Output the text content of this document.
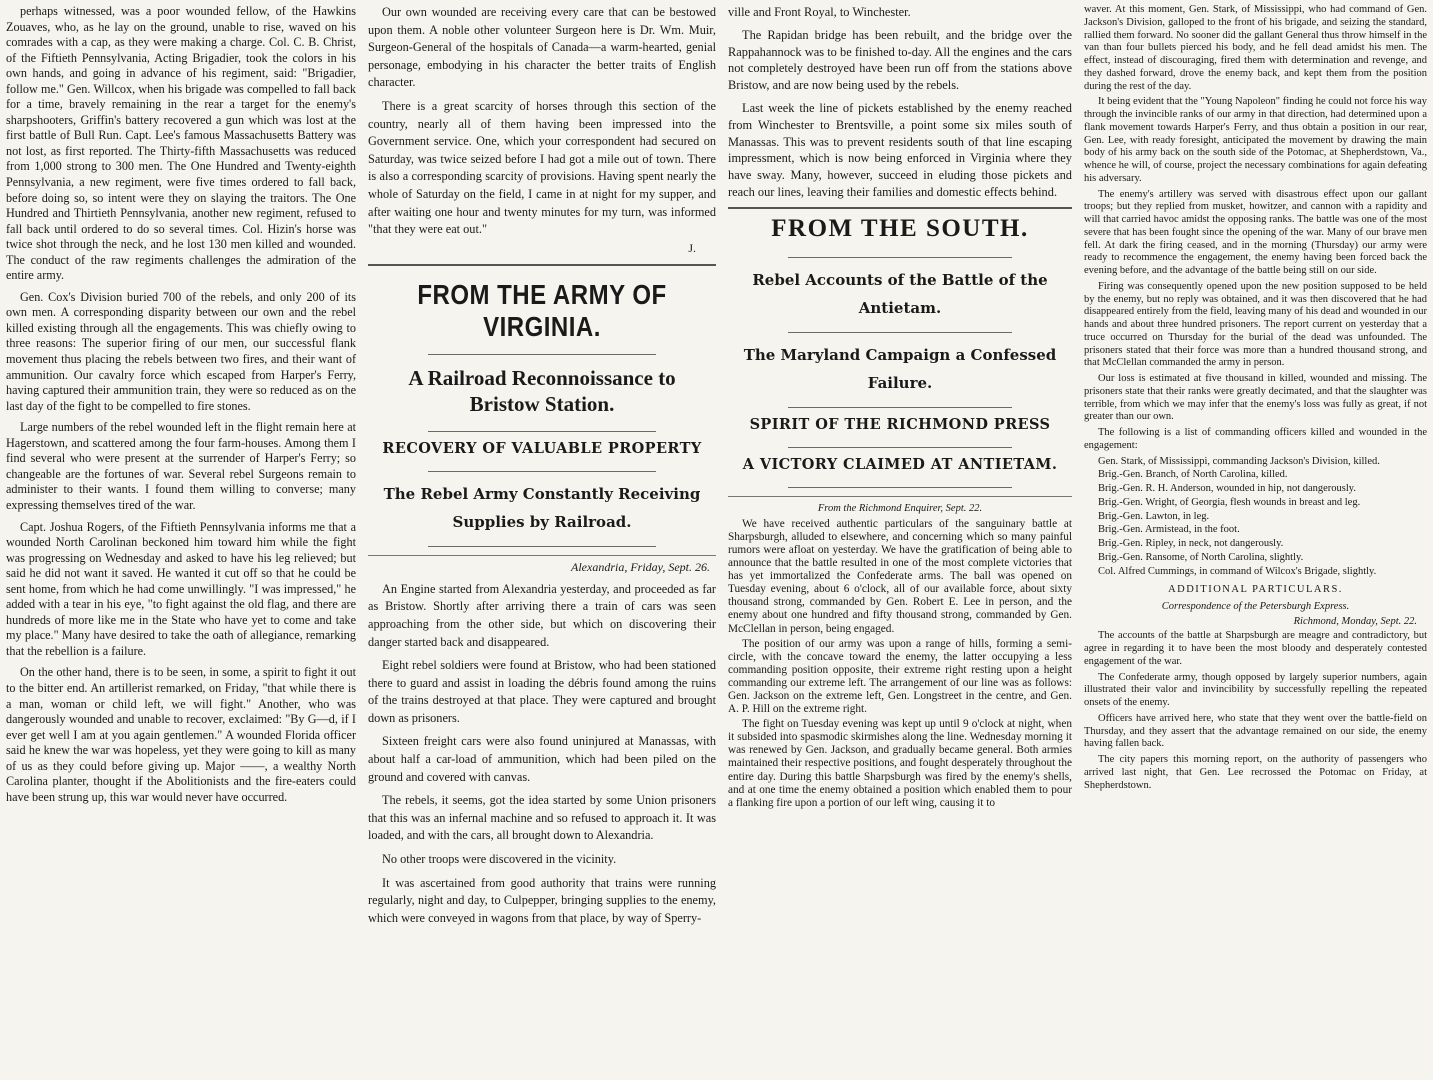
perhaps witnessed, was a poor wounded fellow, of the Hawkins Zouaves, who, as he lay on the ground, unable to rise, waved on his comrades with a cap, as they were making a charge. Col. C. B. Christ, of the Fiftieth Pennsylvania, Acting Brigadier, took the colors in his own hands, and going in advance of his regiment, said: "Brigadier, follow me." Gen. Willcox, when his brigade was compelled to fall back for a time, bravely remaining in the rear a target for the enemy's sharpshooters, Griffin's battery recovered a gun which was lost at the first battle of Bull Run. Capt. Lee's famous Massachusetts Battery was not lost, as first reported. The Thirty-fifth Massachusetts was reduced from 1,000 strong to 300 men. The One Hundred and Twenty-eighth Pennsylvania, a new regiment, were five times ordered to fall back, before doing so, so intent were they on slaying the traitors. The One Hundred and Thirtieth Pennsylvania, another new regiment, refused to fall back until ordered to do so several times. Col. Hizin's horse was twice shot through the neck, and he lost 130 men killed and wounded. The conduct of the raw regiments challenges the admiration of the entire army.

Gen. Cox's Division buried 700 of the rebels, and only 200 of its own men. A corresponding disparity between our own and the rebel killed existing through all the engagements. This was chiefly owing to three reasons: The superior firing of our men, our successful flank movement thus placing the rebels between two fires, and their want of ammunition. Our cavalry force which escaped from Harper's Ferry, having captured their ammunition train, they were so reduced as on the last day of the fight to be compelled to fire stones.

Large numbers of the rebel wounded left in the flight remain here at Hagerstown, and scattered among the four farm-houses. Among them I find several who were present at the surrender of Harper's Ferry; so changeable are the fortunes of war. Several rebel Surgeons remain to administer to their wants. I found them willing to converse; many expressing themselves tired of the war.

Capt. Joshua Rogers, of the Fiftieth Pennsylvania informs me that a wounded North Carolinan beckoned him toward him while the fight was progressing on Wednesday and asked to have his leg relieved; but said he did not want it saved. He wanted it cut off so that he could be sent home, from which he had come unwillingly. "I was impressed," he added with a tear in his eye, "to fight against the old flag, and there are hundreds of more like me in the State who have yet to come and take my place." Many have desired to take the oath of allegiance, remarking that the rebellion is a failure.

On the other hand, there is to be seen, in some, a spirit to fight it out to the bitter end. An artillerist remarked, on Friday, "that while there is a man, woman or child left, we will fight." Another, who was dangerously wounded and unable to recover, exclaimed: "By G—d, if I ever get well I am at you again gentlemen." A wounded Florida officer said he knew the war was hopeless, yet they were going to kill as many of us as they could before giving up. Major ——, a wealthy North Carolina planter, thought if the Abolitionists and the fire-eaters could have been strung up, this war would never have occurred.

Our own wounded are receiving every care that can be bestowed upon them. A noble other volunteer Surgeon here is Dr. Wm. Muir, Surgeon-General of the hospitals of Canada—a warm-hearted, genial personage, embodying in his character the better traits of English character.

There is a great scarcity of horses through this section of the country, nearly all of them having been impressed into the Government service. One, which your correspondent had secured on Saturday, was twice seized before I had got a mile out of town. There is also a corresponding scarcity of provisions. Having spent nearly the whole of Saturday on the field, I came in at night for my supper, and after waiting one hour and twenty minutes for my turn, was informed "that they were eat out."

J.
FROM THE ARMY OF VIRGINIA.
A Railroad Reconnoissance to Bristow Station.
RECOVERY OF VALUABLE PROPERTY
The Rebel Army Constantly Receiving Supplies by Railroad.
Alexandria, Friday, Sept. 26.

An Engine started from Alexandria yesterday, and proceeded as far as Bristow. Shortly after arriving there a train of cars was seen approaching from the other side, but which on discovering their danger started back and disappeared.

Eight rebel soldiers were found at Bristow, who had been stationed there to guard and assist in loading the débris found among the ruins of the trains destroyed at that place. They were captured and brought down as prisoners.

Sixteen freight cars were also found uninjured at Manassas, with about half a car-load of ammunition, which had been piled on the ground and covered with canvas.

The rebels, it seems, got the idea started by some Union prisoners that this was an infernal machine and so refused to approach it. It was loaded, and with the cars, all brought down to Alexandria.

No other troops were discovered in the vicinity.

It was ascertained from good authority that trains were running regularly, night and day, to Culpepper, bringing supplies to the enemy, which were conveyed in wagons from that place, by way of Sperry-

ville and Front Royal, to Winchester.

The Rapidan bridge has been rebuilt, and the bridge over the Rappahannock was to be finished to-day. All the engines and the cars not completely destroyed have been run off from the stations above Bristow, and are now being used by the rebels.

Last week the line of pickets established by the enemy reached from Winchester to Brentsville, a point some six miles south of Manassas. This was to prevent residents south of that line escaping impressment, which is now being enforced in Virginia where they have sway. Many, however, succeed in eluding those pickets and reach our lines, leaving their families and domestic effects behind.

FROM THE SOUTH.
Rebel Accounts of the Battle of the Antietam.
The Maryland Campaign a Confessed Failure.
SPIRIT OF THE RICHMOND PRESS
A VICTORY CLAIMED AT ANTIETAM.
From the Richmond Enquirer, Sept. 22.

We have received authentic particulars of the sanguinary battle at Sharpsburgh, alluded to elsewhere, and concerning which so many painful rumors were afloat on yesterday. We have the gratification of being able to announce that the battle resulted in one of the most complete victories that has yet immortalized the Confederate arms. The ball was opened on Tuesday evening, about 6 o'clock, all of our available force, about sixty thousand strong, commanded by Gen. Robert E. Lee in person, and the enemy about one hundred and fifty thousand strong, commanded by Gen. McClellan in person, being engaged.

The position of our army was upon a range of hills, forming a semi-circle, with the concave toward the enemy, the latter occupying a less commanding position opposite, their extreme right resting upon a height commanding our extreme left. The arrangement of our line was as follows: Gen. Jackson on the extreme left, Gen. Longstreet in the centre, and Gen. A. P. Hill on the extreme right.

The fight on Tuesday evening was kept up until 9 o'clock at night, when it subsided into spasmodic skirmishes along the line. Wednesday morning it was renewed by Gen. Jackson, and gradually became general. Both armies maintained their respective positions, and fought desperately throughout the entire day. During this battle Sharpsburgh was fired by the enemy's shells, and at one time the enemy obtained a position which enabled them to pour a flanking fire upon a portion of our left wing, causing it to

waver. At this moment, Gen. Stark, of Mississippi, who had command of Gen. Jackson's Division, galloped to the front of his brigade, and seizing the standard, rallied them forward. No sooner did the gallant General thus throw himself in the van than four bullets pierced his body, and he fell dead amidst his men. The effect, instead of discouraging, fired them with determination and revenge, and they dashed forward, drove the enemy back, and kept them from the position during the rest of the day.

It being evident that the "Young Napoleon" finding he could not force his way through the invincible ranks of our army in that direction, had determined upon a flank movement towards Harper's Ferry, and thus obtain a position in our rear, Gen. Lee, with ready foresight, anticipated the movement by drawing the main body of his army back on the south side of the Potomac, at Shepherdstown, Va., whence he will, of course, project the necessary combinations for again defeating his adversary.

The enemy's artillery was served with disastrous effect upon our gallant troops; but they replied from musket, howitzer, and cannon with a rapidity and will that carried havoc amidst the opposing ranks. The battle was one of the most severe that has been fought since the opening of the war. Many of our brave men fell. At dark the firing ceased, and in the morning (Thursday) our army were ready to recommence the engagement, the enemy having been forced back the evening before, and the advantage of the battle being still on our side.

Firing was consequently opened upon the new position supposed to be held by the enemy, but no reply was obtained, and it was then discovered that he had disappeared entirely from the field, leaving many of his dead and wounded in our hands and about three hundred prisoners. The report current on yesterday that a truce occurred on Thursday for the burial of the dead was unfounded. The prisoners stated that their force was more than a hundred thousand strong, and that McClellan commanded the army in person.

Our loss is estimated at five thousand in killed, wounded and missing. The prisoners state that their ranks were greatly decimated, and that the slaughter was terrible, from which we may infer that the enemy's loss was fully as great, if not greater than our own.

The following is a list of commanding officers killed and wounded in the engagement:

Gen. Stark, of Mississippi, commanding Jackson's Division, killed.

Brig.-Gen. Branch, of North Carolina, killed.

Brig.-Gen. R. H. Anderson, wounded in hip, not dangerously.

Brig.-Gen. Wright, of Georgia, flesh wounds in breast and leg.

Brig.-Gen. Lawton, in leg.

Brig.-Gen. Armistead, in the foot.

Brig.-Gen. Ripley, in neck, not dangerously.

Brig.-Gen. Ransome, of North Carolina, slightly.

Col. Alfred Cummings, in command of Wilcox's Brigade, slightly.

ADDITIONAL PARTICULARS.
Correspondence of the Petersburgh Express.
Richmond, Monday, Sept. 22.

The accounts of the battle at Sharpsburgh are meagre and contradictory, but agree in regarding it to have been the most bloody and desperately contested engagement of the war.

The Confederate army, though opposed by largely superior numbers, again illustrated their valor and invincibility by successfully repelling the repeated onsets of the enemy.

Officers have arrived here, who state that they went over the battle-field on Thursday, and they assert that the advantage remained on our side, the enemy having fallen back.

The city papers this morning report, on the authority of passengers who arrived last night, that Gen. Lee recrossed the Potomac on Friday, at Shepherdstown.
